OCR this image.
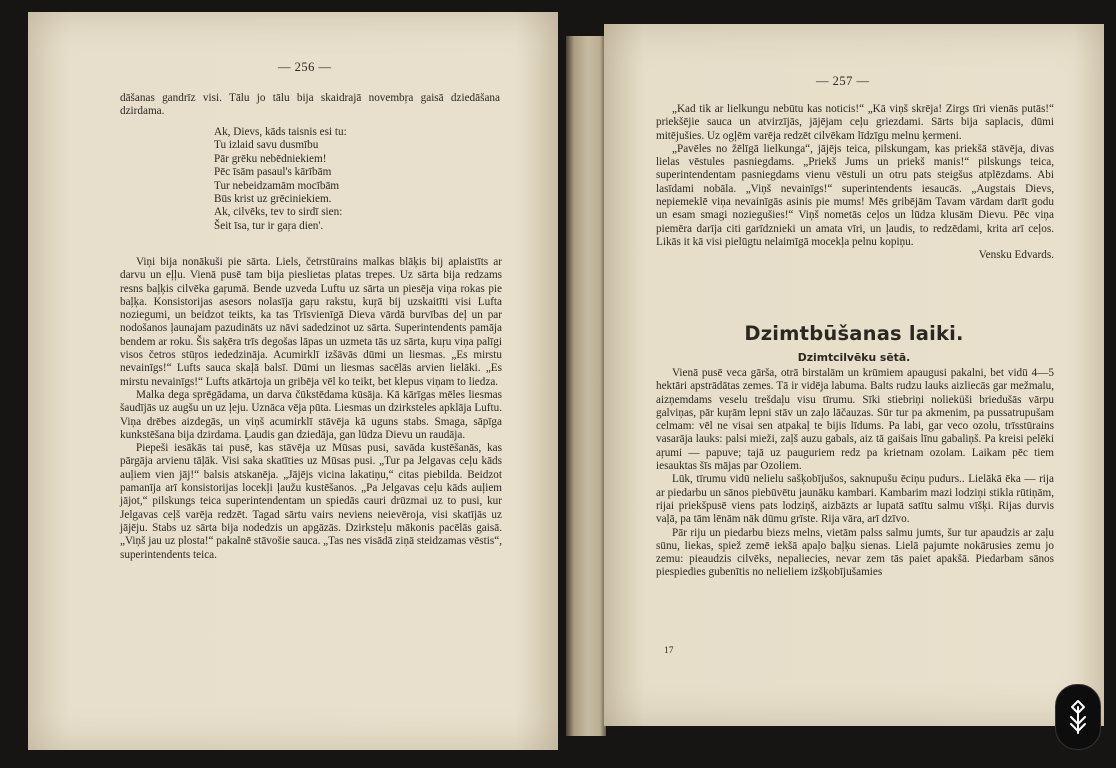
— 256 —

dāšanas gandrīz visi. Tālu jo tālu bija skaidrajā novembŗa gaisā dziedāšana dzirdama.

Ak, Dievs, kāds taisnis esi tu:
Tu izlaid savu dusmību
Pār grēku nebēdniekiem!
Pēc īsām pasaul's kārībām
Tur nebeidzamām mocībām
Būs krist uz grēciniekiem.
Ak, cilvēks, tev to sirdī sien:
Šeit īsa, tur ir gaŗa dien'.

Viņi bija nonākuši pie sārta. Liels, četrstūrains malkas blāķis bij aplaistīts ar darvu un eļļu. Vienā pusē tam bija pieslietas platas trepes. Uz sārta bija redzams resns baļķis cilvēka gaŗumā. Bende uzveda Luftu uz sārta un piesēja viņa rokas pie baļķa. Konsistorijas asesors nolasīja gaŗu rakstu, kuŗā bij uzskaitīti visi Lufta noziegumi, un beidzot teikts, ka tas Trīsvienīgā Dieva vārdā burvības deļ un par nodošanos ļaunajam pazudināts uz nāvi sadedzinot uz sārta. Superintendents pamāja bendem ar roku. Šis saķēra trīs degošas lāpas un uzmeta tās uz sārta, kuŗu viņa palīgi visos četros stūŗos iededzināja. Acumirklī izšāvās dūmi un liesmas. „Es mirstu nevainīgs!“ Lufts sauca skaļā balsī. Dūmi un liesmas sacēlās arvien lielāki. „Es mirstu nevainīgs!“ Lufts atkārtoja un gribēja vēl ko teikt, bet klepus viņam to liedza.

Malka dega sprēgādama, un darva čūkstēdama kūsāja. Kā kārīgas mēles liesmas šaudījās uz augšu un uz ļeju. Uznāca vēja pūta. Liesmas un dzirksteles apklāja Luftu. Viņa drēbes aizdegās, un viņš acumirklī stāvēja kā uguns stabs. Smaga, sāpīga kunkstēšana bija dzirdama. Ļaudis gan dziedāja, gan lūdza Dievu un raudāja.

Piepeši iesākās tai pusē, kas stāvēja uz Mūsas pusi, savāda kustēšanās, kas pārgāja arvienu tāļāk. Visi saka skatīties uz Mūsas pusi. „Tur pa Jelgavas ceļu kāds auļiem vien jāj!“ balsis atskanēja. „Jājējs vicina lakatiņu,“ citas piebilda. Beidzot pamanīja arī konsistorijas locekļi ļaužu kustēšanos. „Pa Jelgavas ceļu kāds auļiem jājot,“ pilskungs teica superintendentam un spiedās cauri drūzmai uz to pusi, kur Jelgavas ceļš varēja redzēt. Tagad sārtu vairs neviens neievēroja, visi skatījās uz jājēju. Stabs uz sārta bija nodedzis un apgāzās. Dzirksteļu mākonis pacēlās gaisā. „Viņš jau uz plosta!“ pakalnē stāvošie sauca. „Tas nes visādā ziņā steidzamas vēstis“, superintendents teica.

— 257 —

„Kad tik ar lielkungu nebūtu kas noticis!“ „Kā viņš skrēja! Zirgs tīri vienās putās!“ priekšējie sauca un atvirzījās, jājējam ceļu griezdami. Sārts bija saplacis, dūmi mitējušies. Uz ogļēm varēja redzēt cilvēkam līdzīgu melnu ķermeni.

„Pavēles no žēlīgā lielkunga“, jājējs teica, pilskungam, kas priekšā stāvēja, divas lielas vēstules pasniegdams. „Priekš Jums un priekš manis!“ pilskungs teica, superintendentam pasniegdams vienu vēstuli un otru pats steigšus atplēzdams. Abi lasīdami nobāla. „Viņš nevainīgs!“ superintendents iesaucās. „Augstais Dievs, nepiemeklē viņa nevainīgās asinis pie mums! Mēs gribējām Tavam vārdam darīt godu un esam smagi noziegušies!“ Viņš nometās ceļos un lūdza klusām Dievu. Pēc viņa piemēra darīja citi garīdznieki un amata vīri, un ļaudis, to redzēdami, krita arī ceļos. Likās it kā visi pielūgtu nelaimīgā mocekļa pelnu kopiņu.

Vensku Edvards.

Dzimtbūšanas laiki.
Dzimtcilvēku sētā.

Vienā pusē veca gārša, otrā birstalām un krūmiem apaugusi pakalni, bet vidū 4—5 hektāri apstrādātas zemes. Tā ir vidēja labuma. Balts rudzu lauks aizliecās gar mežmalu, aizņemdams veselu trešdaļu visu tīrumu. Sīki stiebriņi nolieküši briedušās vārpu galviņas, pār kuŗām lepni stāv un zaļo lāčauzas. Sūr tur pa akmenim, pa pussatrupušam celmam: vēl ne visai sen atpakaļ te bijis līdums. Pa labi, gar veco ozolu, trīsstūrains vasarāja lauks: palsi mieži, zaļš auzu gabals, aiz tā gaišais līnu gabaliņš. Pa kreisi pelēki aŗumi — papuve; tajā uz pauguriem redz pa krietnam ozolam. Laikam pēc tiem iesauktas šīs mājas par Ozoliem.

Lūk, tīrumu vidū nelielu sašķobījušos, saknupušu ēciņu pudurs.. Lielākā ēka — rija ar piedarbu un sānos piebūvētu jaunāku kambari. Kambarim mazi lodziņi stikla rūtiņām, rijai priekšpusē viens pats lodziņš, aizbāzts ar lupatā satītu salmu vīšķi. Rijas durvis vaļā, pa tām lēnām nāk dūmu grīste. Rija vāra, arī dzīvo.

Pār riju un piedarbu biezs melns, vietām palss salmu jumts, šur tur apaudzis ar zaļu sūnu, liekas, spiež zemē iekšā apaļo baļķu sienas. Lielā pajumte nokārusies zemu jo zemu: pieaudzis cilvēks, nepaliecies, nevar zem tās paiet apakšā. Piedarbam sānos piespiedies gubenītis no nelieliem izšķobījušamies

17
